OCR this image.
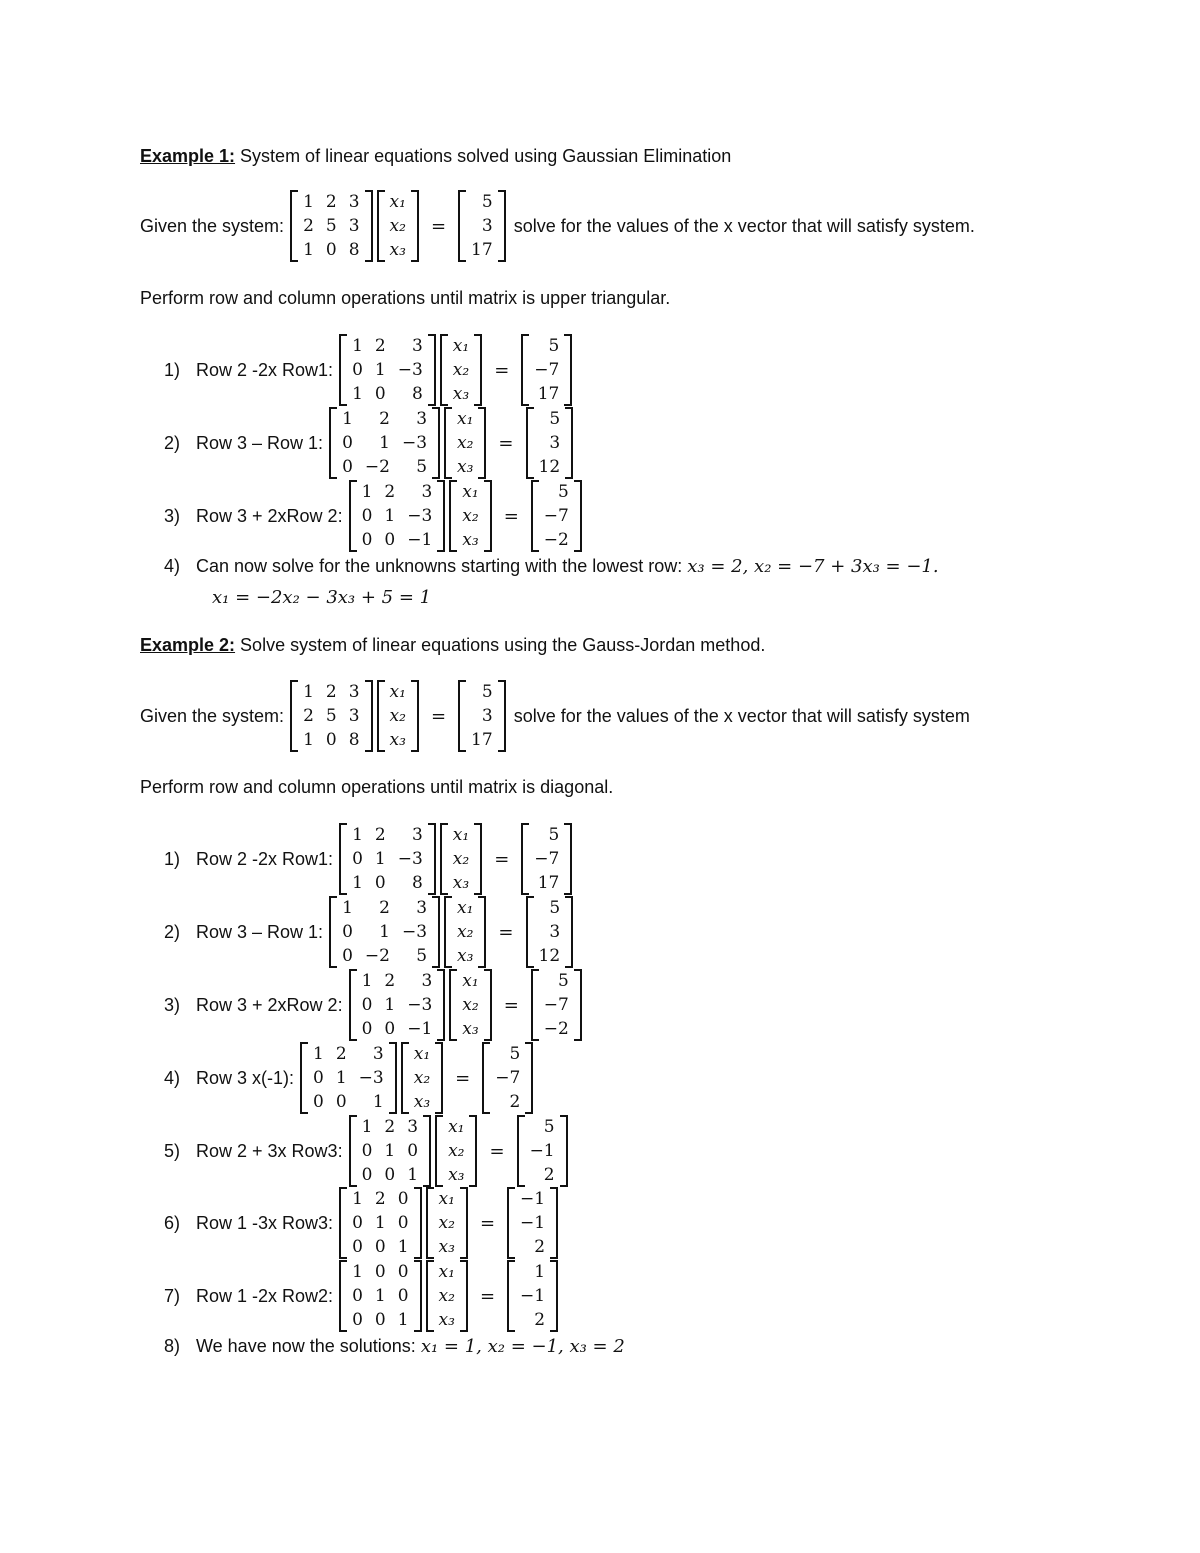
Example 1: System of linear equations solved using Gaussian Elimination
Given the system:
1 2 3
2 5 3
1 0 8
x₁
x₂
x₃
=
5
3
17
solve for the values of the x vector that will satisfy system.
Perform row and column operations until matrix is upper triangular.
1) Row 2 -2x Row1:
1 2	3
0 1 −3
1 0	8
x₁
x₂
x₃
=
5
−7
17
2) Row 3 – Row 1:
1	2	3
0	1 −3
0 −2	5
x₁
x₂
x₃
=
5
3
12
3) Row 3 + 2xRow 2:
1 2	3
0 1 −3
0 0 −1
x₁
x₂
x₃
=
5
−7
−2
4) Can now solve for the unknowns starting with the lowest row: x₃ = 2, x₂ = −7 + 3x₃ = −1.
x₁ = −2x₂ − 3x₃ + 5 = 1
Example 2: Solve system of linear equations using the Gauss-Jordan method.
Given the system:
1 2 3
2 5 3
1 0 8
x₁
x₂
x₃
=
5
3
17
solve for the values of the x vector that will satisfy system
Perform row and column operations until matrix is diagonal.
1) Row 2 -2x Row1:
1 2	3
0 1 −3
1 0	8
x₁
x₂
x₃
=
5
−7
17
2) Row 3 – Row 1:
1	2	3
0	1 −3
0 −2	5
x₁
x₂
x₃
=
5
3
12
3) Row 3 + 2xRow 2:
1 2	3
0 1 −3
0 0 −1
x₁
x₂
x₃
=
5
−7
−2
4) Row 3 x(-1):
1 2	3
0 1 −3
0 0	1
x₁
x₂
x₃
=
5
−7
2
5) Row 2 + 3x Row3:
1 2 3
0 1 0
0 0 1
x₁
x₂
x₃
=
5
−1
2
6) Row 1 -3x Row3:
1 2 0
0 1 0
0 0 1
x₁
x₂
x₃
=
−1
−1
2
7) Row 1 -2x Row2:
1 0 0
0 1 0
0 0 1
x₁
x₂
x₃
=
1
−1
2
8) We have now the solutions: x₁ = 1, x₂ = −1, x₃ = 2
